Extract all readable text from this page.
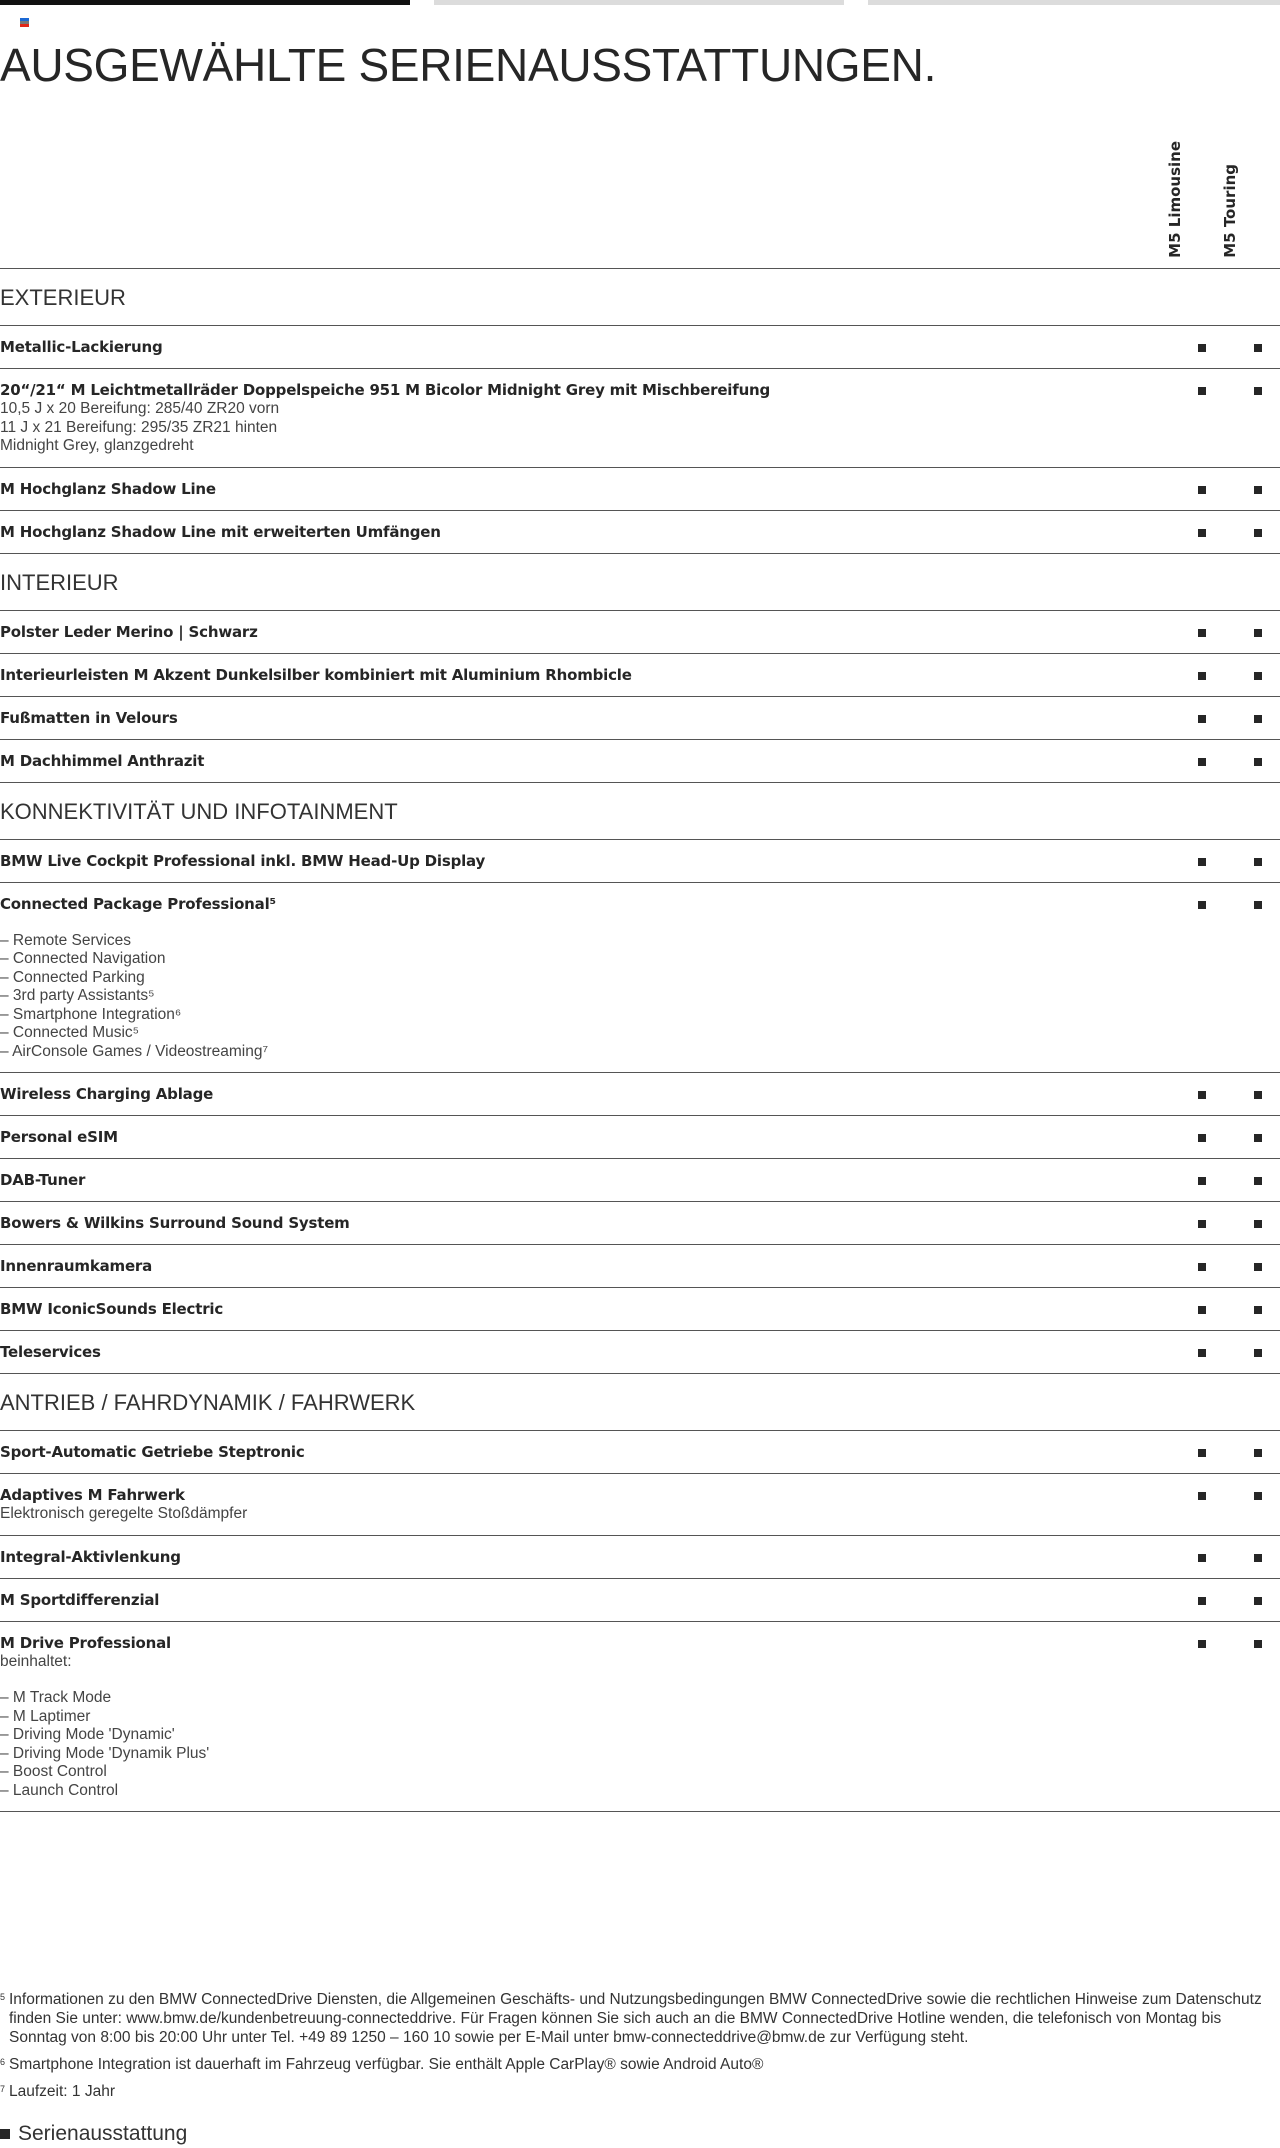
AUSGEWÄHLTE SERIENAUSSTATTUNGEN.
M5 Limousine M5 Touring
EXTERIEUR
Metallic-Lackierung
20“/21“ M Leichtmetallräder Doppelspeiche 951 M Bicolor Midnight Grey mit Mischbereifung
10,5 J x 20 Bereifung: 285/40 ZR20 vorn
11 J x 21 Bereifung: 295/35 ZR21 hinten
Midnight Grey, glanzgedreht
M Hochglanz Shadow Line
M Hochglanz Shadow Line mit erweiterten Umfängen
INTERIEUR
Polster Leder Merino | Schwarz
Interieurleisten M Akzent Dunkelsilber kombiniert mit Aluminium Rhombicle
Fußmatten in Velours
M Dachhimmel Anthrazit
KONNEKTIVITÄT UND INFOTAINMENT
BMW Live Cockpit Professional inkl. BMW Head-Up Display
Connected Package Professional⁵
– Remote Services
– Connected Navigation
– Connected Parking
– 3rd party Assistants⁵
– Smartphone Integration⁶
– Connected Music⁵
– AirConsole Games / Videostreaming⁷
Wireless Charging Ablage
Personal eSIM
DAB-Tuner
Bowers & Wilkins Surround Sound System
Innenraumkamera
BMW IconicSounds Electric
Teleservices
ANTRIEB / FAHRDYNAMIK / FAHRWERK
Sport-Automatic Getriebe Steptronic
Adaptives M Fahrwerk
Elektronisch geregelte Stoßdämpfer
Integral-Aktivlenkung
M Sportdifferenzial
M Drive Professional
beinhaltet:
– M Track Mode
– M Laptimer
– Driving Mode 'Dynamic'
– Driving Mode 'Dynamik Plus'
– Boost Control
– Launch Control
5 Informationen zu den BMW ConnectedDrive Diensten, die Allgemeinen Geschäfts- und Nutzungsbedingungen BMW ConnectedDrive sowie die rechtlichen Hinweise zum Datenschutz finden Sie unter: www.bmw.de/kundenbetreuung-connecteddrive. Für Fragen können Sie sich auch an die BMW ConnectedDrive Hotline wenden, die telefonisch von Montag bis Sonntag von 8:00 bis 20:00 Uhr unter Tel. +49 89 1250 – 160 10 sowie per E-Mail unter bmw-connecteddrive@bmw.de zur Verfügung steht.
6 Smartphone Integration ist dauerhaft im Fahrzeug verfügbar. Sie enthält Apple CarPlay® sowie Android Auto®
7 Laufzeit: 1 Jahr
Serienausstattung
